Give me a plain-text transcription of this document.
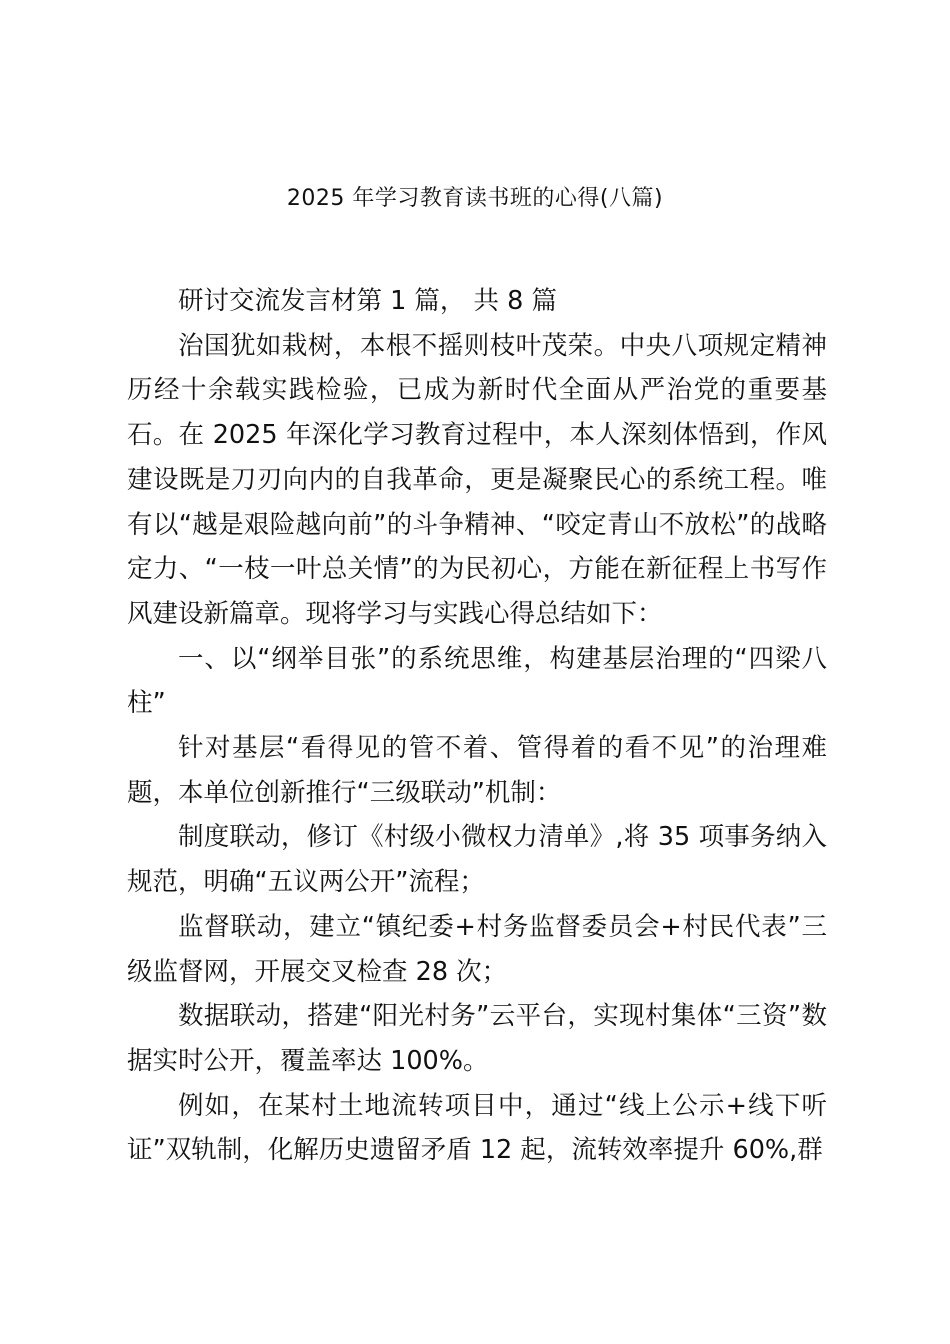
2025 年学习教育读书班的心得(八篇)

研讨交流发言材第 1 篇， 共 8 篇

治国犹如栽树，本根不摇则枝叶茂荣。中央八项规定精神历经十余载实践检验，已成为新时代全面从严治党的重要基石。在 2025 年深化学习教育过程中，本人深刻体悟到，作风建设既是刀刃向内的自我革命，更是凝聚民心的系统工程。唯有以“越是艰险越向前”的斗争精神、“咬定青山不放松”的战略定力、“一枝一叶总关情”的为民初心，方能在新征程上书写作风建设新篇章。现将学习与实践心得总结如下：

一、以“纲举目张”的系统思维，构建基层治理的“四梁八柱”

针对基层“看得见的管不着、管得着的看不见”的治理难题，本单位创新推行“三级联动”机制：

制度联动，修订《村级小微权力清单》,将 35 项事务纳入规范，明确“五议两公开”流程；

监督联动，建立“镇纪委+村务监督委员会+村民代表”三级监督网，开展交叉检查 28 次；

数据联动，搭建“阳光村务”云平台，实现村集体“三资”数据实时公开，覆盖率达 100%。

例如，在某村土地流转项目中，通过“线上公示+线下听证”双轨制，化解历史遗留矛盾 12 起，流转效率提升 60%,群
